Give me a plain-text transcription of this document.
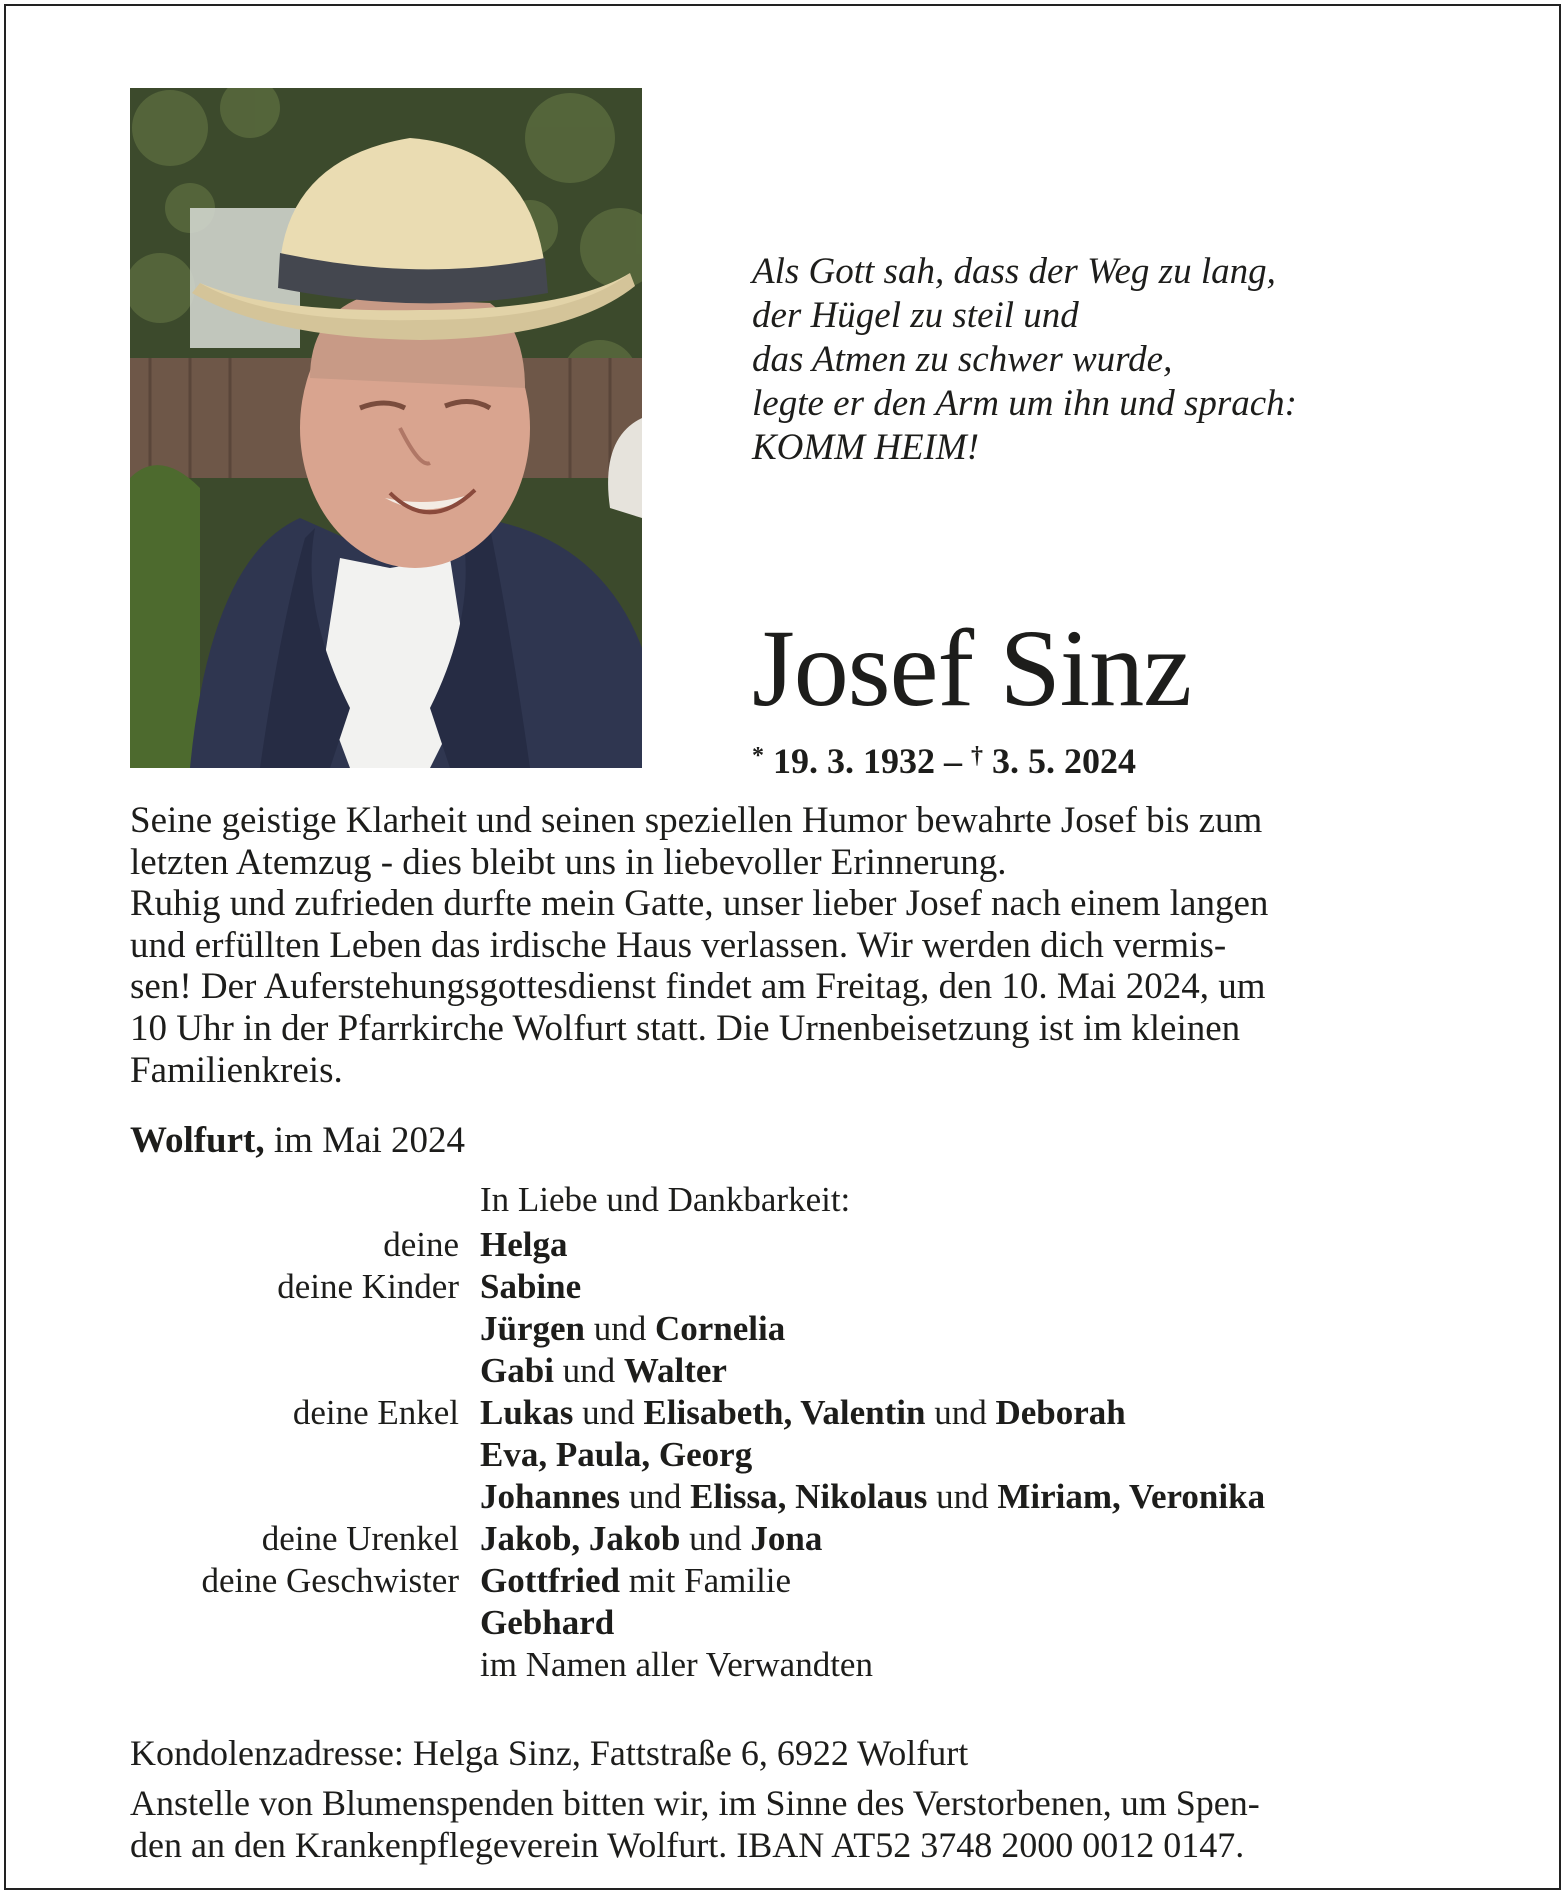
Als Gott sah, dass der Weg zu lang,
der Hügel zu steil und
das Atmen zu schwer wurde,
legte er den Arm um ihn und sprach:
KOMM HEIM!
Josef Sinz
* 19. 3. 1932 – † 3. 5. 2024
Seine geistige Klarheit und seinen speziellen Humor bewahrte Josef bis zum
letzten Atemzug - dies bleibt uns in liebevoller Erinnerung.
Ruhig und zufrieden durfte mein Gatte, unser lieber Josef nach einem langen
und erfüllten Leben das irdische Haus verlassen. Wir werden dich vermis-
sen! Der Auferstehungsgottesdienst findet am Freitag, den 10. Mai 2024, um
10 Uhr in der Pfarrkirche Wolfurt statt. Die Urnenbeisetzung ist im kleinen
Familienkreis.
Wolfurt, im Mai 2024
In Liebe und Dankbarkeit:
deine Helga
deine Kinder Sabine
Jürgen und Cornelia
Gabi und Walter
deine Enkel Lukas und Elisabeth, Valentin und Deborah
Eva, Paula, Georg
Johannes und Elissa, Nikolaus und Miriam, Veronika
deine Urenkel Jakob, Jakob und Jona
deine Geschwister Gottfried mit Familie
Gebhard
im Namen aller Verwandten
Kondolenzadresse: Helga Sinz, Fattstraße 6, 6922 Wolfurt
Anstelle von Blumenspenden bitten wir, im Sinne des Verstorbenen, um Spen-
den an den Krankenpflegeverein Wolfurt. IBAN AT52 3748 2000 0012 0147.
